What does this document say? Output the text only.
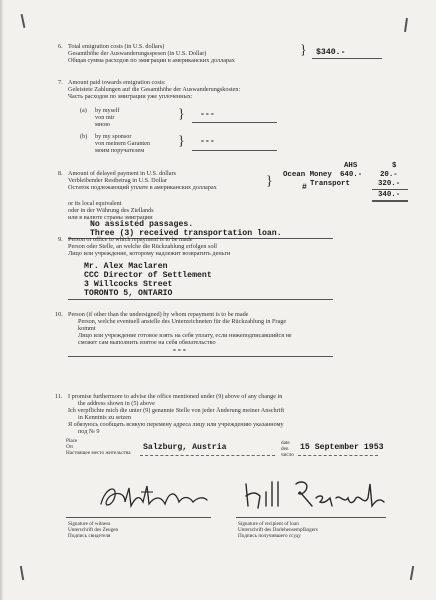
6. Total emigration costs (in U.S. dollars)
Gesamthöhe der Auswanderungsspesen (in U.S. Dollar)
Общая сумма расходов по эмиграции в американских долларах
} $340.-
7. Amount paid towards emigration costs:
Geleistete Zahlungen auf die Gesamthöhe der Auswanderungskosten:
Часть расходов по эмиграции уже уплоченных:
(a) by myself
von mir
мною
} ---
(b) by my sponsor
von meinem Garanten
моим поручателем
} ---
8. Amount of delayed payment in U.S. dollars
Verbleibender Restbetrag in U.S. Dollar
Остаток подлежающий уплате в американских долларах	#
}
AHS	$
Ocean Money 640.- 20.-
Transport	320.-
340.-
or its local equivalent
oder in der Währung des Ziellands
или в валюте страны эмиграции
No assisted passages.
Three (3) received transportation loan.
9. Person or office to which repayment is to be made
Person oder Stelle, an welche die Rückzahlung erfolgen soll
Лицо или учреждение, которому надлежит возвратить деньги
Mr. Alex Maclaren
CCC Director of Settlement
3 Willcocks Street
TORONTO 5, ONTARIO
10. Person (if other than the undersigned) by whom repayment is to be made
Person, welche eventuell anstelle des Unterzeichneten für die Rückzahlung in Frage
kommt
Лицо или учреждение готовое взять на себя уплату, если нижеподписавшийся не
сможет сам выполнить взятое на себя обязательство
---
11. I promise furthermore to advise the office mentioned under (9) above of any change in
the address shown in (5) above
Ich verpflichte mich die unter (9) genannte Stelle von jeder Änderung meiner Anschrift
in Kenntnis zu setzen
Я обязуюсь сообщать всякую перемену адреса лицу или учреждению указанному
под № 9
Place
Ort
Настоящее место жительства
Salzburg, Austria	date
den
число
15 September 1953
Signature of witness
Unterschrift des Zeugen
Подпись свидетеля
Signature of recipient of loan
Unterschrift des Darlehensempfängers
Подпись получившего ссуду
